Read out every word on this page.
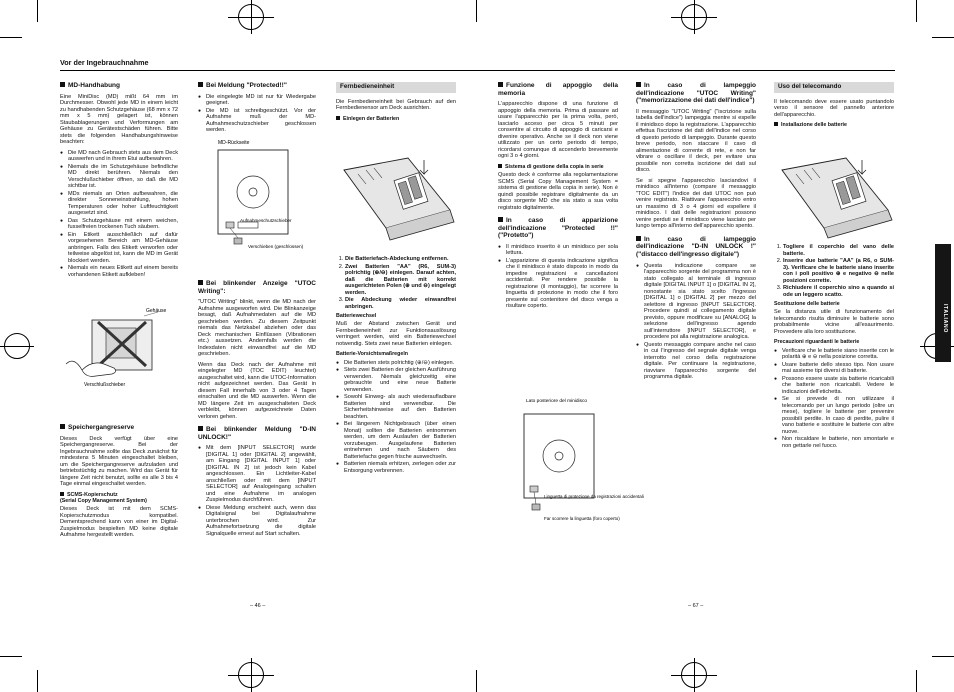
Vor der Ingebrauchnahme
ITALIANO
MD-Handhabung

Eine MiniDisc (MD) mißt 64 mm im Durchmesser. Obwohl jede MD in einem leicht zu handhabenden Schutzgehäuse (68 mm x 72 mm x 5 mm) gelagert ist, können Staubablagerungen und Verformungen am Gehäuse zu Gerätestschäden führen. Bitte stets die folgenden Handhabungshinweise beachten:

● Die MD nach Gebrauch stets aus dem Deck auswerfen und in ihrem Etui aufbewahren.
● Niemals die im Schutzgehäuse befindliche MD direkt berühren. Niemals den Verschlußschieber öffnen, so daß die MD sichtbar ist.
● MDs niemals an Orten aufbewahren, die direkter Sonneneinstrahlung, hohen Temperaturen oder hoher Luftfeuchtigkeit ausgesetzt sind.
● Das Schutzgehäuse mit einem weichen, fusselfreien trockenen Tuch säubern.
● Ein Etikett ausschließlich auf dafür vorgesehenen Bereich am MD-Gehäuse anbringen. Falls des Etikett verworfen oder teilweise abgelöst ist, kann die MD im Gerät blockiert werden.
● Niemals ein neues Etikett auf einem bereits vorhandenen Etikett aufkleben!
Gehäuse
Verschlußschieber
Speichergangreserve

Dieses Deck verfügt über eine Speichergangreserve. Bei der Ingebrauchnahme sollte das Deck zunächst für mindestens 5 Minuten eingeschaltet bleiben, um die Speichergangreserve aufzuladen und betriebstüchtig zu machen. Wird das Gerät für längere Zeit nicht benutzt, sollte es alle 3 bis 4 Tage einmal eingeschaltet werden.

SCMS-Kopierschutz
(Serial Copy Management System)

Dieses Deck ist mit dem SCMS-Kopierschutzmodus kompatibel. Dementsprechend kann von einer im Digital-Zuspielmodus bespielten MD keine digitale Aufnahme hergestellt werden.

Bei Meldung "Protected!!"
● Die eingelegte MD ist nur für Wiedergabe geeignet.
● Die MD ist schreibgeschützt. Vor der Aufnahme muß der MD-Aufnahmeschutzschieber geschlossen werden.
MD-Rückseite
Aufnahmeschutzschieber
Verschieben (geschlossen)
Bei blinkender Anzeige "UTOC Writing":

"UTOC Writing" blinkt, wenn die MD nach der Aufnahme ausgeworfen wird. Die Blinkanzeige besagt, daß Aufnahmedaten auf die MD geschrieben werden. Zu diesem Zeitpunkt niemals das Netzkabel abziehen oder das Deck mechanischen Einflüssen (Vibrationen etc.) aussetzen. Andernfalls werden die Indexdaten nicht einwandfrei auf die MD geschrieben.

Wenn das Deck nach der Aufnahme mit eingelegter MD (TOC EDIT) leuchtet) ausgeschaltet wird, kann die UTOC-Information nicht aufgezeichnet werden. Das Gerät in diesem Fall innerhalb von 3 oder 4 Tagen einschalten und die MD auswerfen. Wenn die MD längere Zeit im ausgeschalteten Deck verbleibt, können aufgezeichnete Daten verloren gehen.

Bei blinkender Meldung "D-IN UNLOCK!"
● Mit dem [INPUT SELECTOR] wurde [DIGITAL 1] oder [DIGITAL 2] angewählt, am Eingang [DIGITAL INPUT 1] oder [DIGITAL IN 2] ist jedoch kein Kabel angeschlossen. Ein Lichtleiter-Kabel anschließen oder mit dem [INPUT SELECTOR] auf Analogeingang schalten und eine Aufnahme im analogen Zuspielmodus durchführen.
● Diese Meldung erscheint auch, wenn das Digitalsignal bei Digitalaufnahme unterbrochen wird. Zur Aufnahmefortsetzung die digitale Signalquelle erneut auf Start schalten.
Fernbedieneinheit

Die Fernbedieneinheit bei Gebrauch auf den Fernbedienensor am Deck ausrichten.

Einlegen der Batterien
1. Die Batteriefach-Abdeckung entfernen.
2. Zwei Batterien "AA" (R6, SUM-3) polrichtig (⊕/⊖) einlegen. Darauf achten, daß die Batterien mit korrekt ausgerichteten Polen (⊕ und ⊖) eingelegt werden.
3. Die Abdeckung wieder einwandfrei anbringen.
Batteriewechsel

Muß der Abstand zwischen Gerät und Fernbedieneinheit zur Funktionsauslösung verringert werden, wird ein Batteriewechsel notwendig. Stets zwei neue Batterien einlegen.

Batterie-Vorsichtsmaßregeln
● Die Batterien stets polrichtig (⊕/⊖) einlegen.
● Stets zwei Batterien der gleichen Ausführung verwenden. Niemals gleichzeitig eine gebrauchte und eine neue Batterie verwenden.
● Sowohl Einweg- als auch wiederaufladbare Batterien sind verwendbar. Die Sicherheitshinweise auf den Batterien beachten.
● Bei längerem Nichtgebrauch (über einen Monat) sollten die Batterien entnommen werden, um dem Auslaufen der Batterien vorzubeugen. Ausgelaufene Batterien entnehmen und nach Säubern des Batteriefachs gegen frische auswechseln.
● Batterien niemals erhitzen, zerlegen oder zur Entsorgung verbrennen.
Funzione di appoggio della memoria

L'apparecchio dispone di una funzione di appoggio della memoria. Prima di passare ad usare l'apparecchio per la prima volta, però, lasciarlo acceso per circa 5 minuti per consentire al circuito di appoggio di caricarsi e divenire operativo. Anche se il deck non viene utilizzato per un certo periodo di tempo, ricordarsi comunque di accenderlo brevemente ogni 3 o 4 giorni.

Sistema di gestione della copia in serie

Questo deck è conforme alla regolamentazione SCMS (Serial Copy Management System = sistema di gestione della copia in serie). Non è quindi possibile registrare digitalmente da un disco sorgente MD che sia stato a sua volta registrato digitalmente.

In caso di apparizione dell'indicazione "Protected !!" ("Protetto")
● Il minidisco inserito è un minidisco per sola lettura.
● L'apparizione di questa indicazione significa che il minidisco è stato disposto in modo da impedire registrazioni e cancellazioni accidentali. Per rendere possibile la registrazione (il montaggio), far scorrere la linguetta di protezione in modo che il foro presente sul contenitore del disco venga a risultare coperto.
Lato posteriore del minidisco
Linguetta di protezione da registrazioni accidentali
Far scorrere la linguetta (foro coperto)
In caso di lampeggio dell'indicazione "UTOC Writing" ("memorizzazione dei dati dell'indice")

Il messaggio "UTOC Writing" ("iscrizione sulla tabella dell'indice") lampeggia mentre si espelle il minidisco dopo la registrazione. L'apparecchio effettua l'iscrizione dei dati dell'indice nel corso di questo periodo di lampeggio. Durante questo breve periodo, non staccare il cavo di alimentazione di corrente di rete, e non far vibrare o oscillare il deck, per evitare una possibile non corretta iscrizione dei dati sul disco.

Se si spegne l'apparecchio lasciandovi il minidisco all'interno (compare il messaggio "TOC EDIT") l'indice dei dati UTOC non può venire registrato. Riattivare l'apparecchio entro un massimo di 3 o 4 giorni ed espellere il minidisco. I dati delle registrazioni possono venire perduti se il minidisco viene lasciato per lungo tempo all'interno dell'apparecchio spento.

In caso di lampeggio dell'indicazione "D-IN UNLOCK !" ("distacco dell'ingresso digitale")
● Questa indicazione compare se l'apparecchio sorgente del programma non è stato collegato al terminale di ingresso digitale [DIGITAL INPUT 1] o [DIGITAL IN 2], nonostante sia stato scelto l'ingresso [DIGITAL 1] o [DIGITAL 2] per mezzo del selettore di ingresso [INPUT SELECTOR]. Procedere quindi al collegamento digitale previsto, oppure modificare su [ANALOG] la selezione dell'ingresso agendo sull'interruttore [INPUT SELECTOR], e procedere poi alla registrazione analogica.
● Questo messaggio compare anche nel caso in cui l'ingresso del segnale digitale venga interrotto nel corso della registrazione digitale. Per continuare la registrazione, riavviare l'apparecchio sorgente del programma digitale.
Uso del telecomando

Il telecomando deve essere usato puntandolo verso il sensore del pannello anteriore dell'apparecchio.

Installazione delle batterie
1. Togliere il coperchio del vano delle batterie.
2. Inserire due batterie "AA" (a R6, o SUM-3). Verificare che le batterie siano inserite con i poli positivo ⊕ e negativo ⊖ nelle posizioni corrette.
3. Richiudere il coperchio sino a quando si ode un leggero scatto.
Sostituzione delle batterie

Se la distanza utile di funzionamento del telecomando risulta diminuire le batterie sono probabilmente vicine all'esaurimento. Provvedere alla loro sostituzione.

Precauzioni riguardanti le batterie
● Verificare che le batterie siano inserite con le polarità ⊕ e ⊖ nella posizione corretta.
● Usare batterie dello stesso tipo. Non usare mai assieme tipi diversi di batterie.
● Possono essere usate sia batterie ricaricabili che batterie non ricaricabili. Vedere le indicazioni dell'etichetta.
● Se si prevede di non utilizzare il telecomando per un lungo periodo (oltre un mese), togliere le batterie per prevenire possibili perdite. In caso di perdite, pulire il vano batterie e sostituire le batterie con altre nuove.
● Non riscaldare le batterie, non smontarle e non gettarle nel fuoco.
– 46 –	– 67 –
